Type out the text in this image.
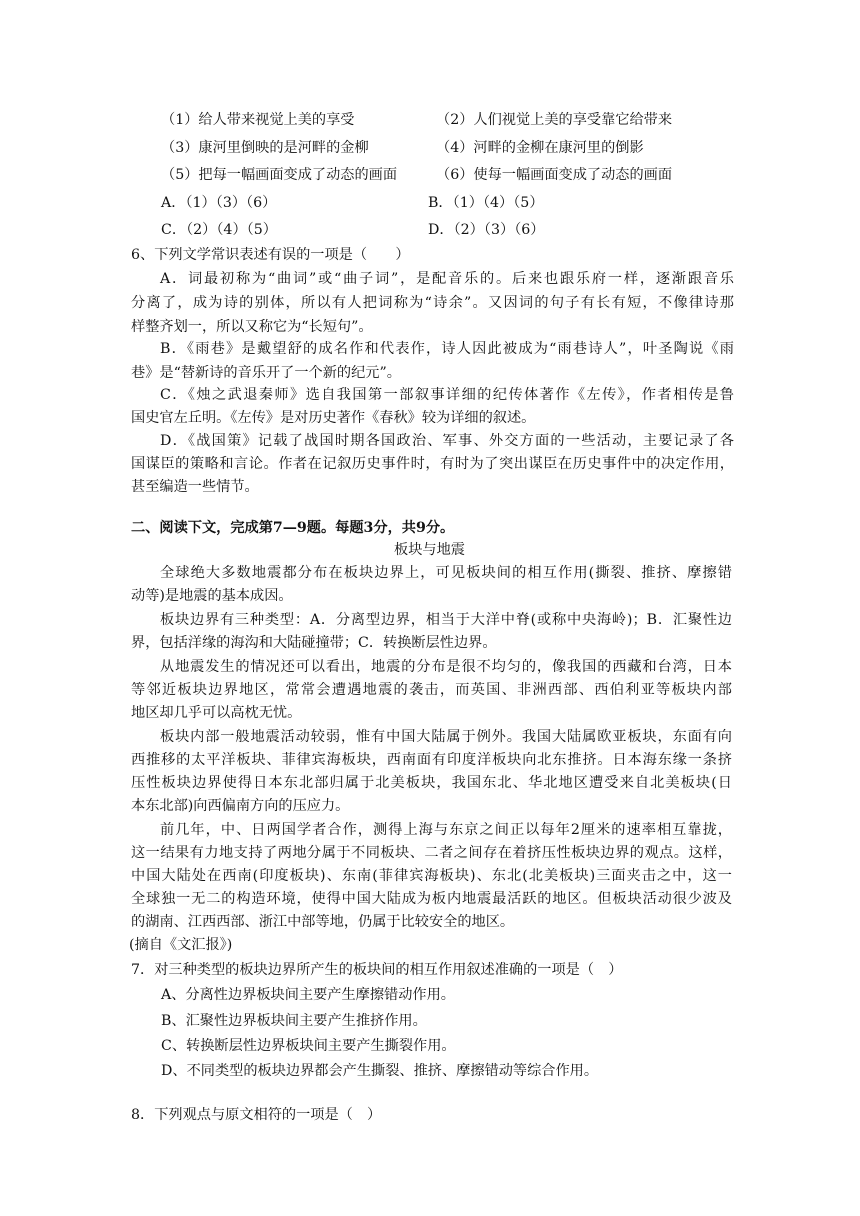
（1）给人带来视觉上美的享受	（2）人们视觉上美的享受靠它给带来
（3）康河里倒映的是河畔的金柳	（4）河畔的金柳在康河里的倒影
（5）把每一幅画面变成了动态的画面	（6）使每一幅画面变成了动态的画面
A．（1）（3）（6）	B．（1）（4）（5）
C．（2）（4）（5）	D．（2）（3）（6）
6、下列文学常识表述有误的一项是（　　）
A．词最初称为“曲词”或“曲子词”，是配音乐的。后来也跟乐府一样，逐渐跟音乐
分离了，成为诗的别体，所以有人把词称为“诗余”。又因词的句子有长有短，不像律诗那
样整齐划一，所以又称它为“长短句”。
B．《雨巷》是戴望舒的成名作和代表作，诗人因此被成为“雨巷诗人”，叶圣陶说《雨
巷》是“替新诗的音乐开了一个新的纪元”。
C．《烛之武退秦师》选自我国第一部叙事详细的纪传体著作《左传》，作者相传是鲁
国史官左丘明。《左传》是对历史著作《春秋》较为详细的叙述。
D．《战国策》记载了战国时期各国政治、军事、外交方面的一些活动，主要记录了各
国谋臣的策略和言论。作者在记叙历史事件时，有时为了突出谋臣在历史事件中的决定作用，
甚至编造一些情节。
二、阅读下文，完成第7—9题。每题3分，共9分。
板块与地震
全球绝大多数地震都分布在板块边界上，可见板块间的相互作用(撕裂、推挤、摩擦错
动等)是地震的基本成因。
板块边界有三种类型：A．分离型边界，相当于大洋中脊(或称中央海岭)；B．汇聚性边
界，包括洋缘的海沟和大陆碰撞带；C．转换断层性边界。
从地震发生的情况还可以看出，地震的分布是很不均匀的，像我国的西藏和台湾，日本
等邻近板块边界地区，常常会遭遇地震的袭击，而英国、非洲西部、西伯利亚等板块内部
地区却几乎可以高枕无忧。
板块内部一般地震活动较弱，惟有中国大陆属于例外。我国大陆属欧亚板块，东面有向
西推移的太平洋板块、菲律宾海板块，西南面有印度洋板块向北东推挤。日本海东缘一条挤
压性板块边界使得日本东北部归属于北美板块，我国东北、华北地区遭受来自北美板块(日
本东北部)向西偏南方向的压应力。
前几年，中、日两国学者合作，测得上海与东京之间正以每年2厘米的速率相互靠拢，
这一结果有力地支持了两地分属于不同板块、二者之间存在着挤压性板块边界的观点。这样，
中国大陆处在西南(印度板块)、东南(菲律宾海板块)、东北(北美板块)三面夹击之中，这一
全球独一无二的构造环境，使得中国大陆成为板内地震最活跃的地区。但板块活动很少波及
的湖南、江西西部、浙江中部等地，仍属于比较安全的地区。
(摘自《文汇报》)
7．对三种类型的板块边界所产生的板块间的相互作用叙述准确的一项是（　）
A、分离性边界板块间主要产生摩擦错动作用。
B、汇聚性边界板块间主要产生推挤作用。
C、转换断层性边界板块间主要产生撕裂作用。
D、不同类型的板块边界都会产生撕裂、推挤、摩擦错动等综合作用。
8．下列观点与原文相符的一项是（　）
